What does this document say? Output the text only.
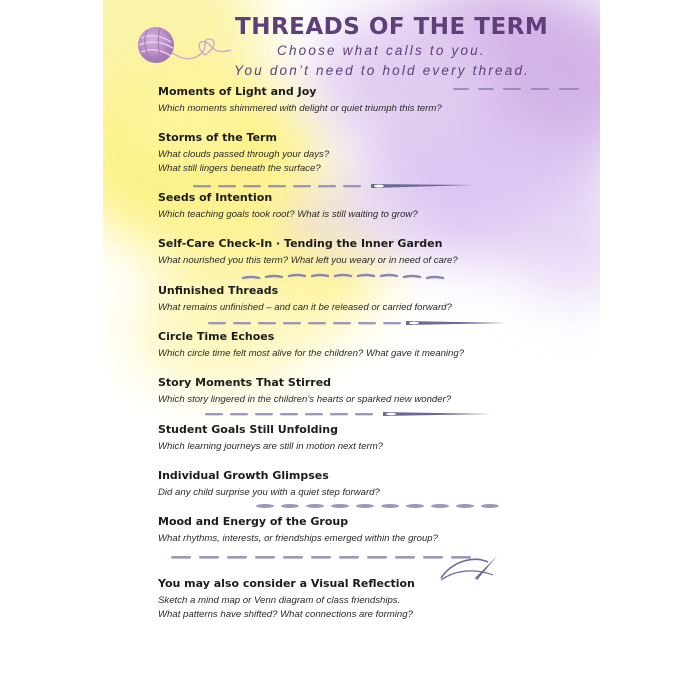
THREADS OF THE TERM
Choose what calls to you.
You don’t need to hold every thread.
Moments of Light and Joy
Which moments shimmered with delight or quiet triumph this term?
Storms of the Term
What clouds passed through your days?
What still lingers beneath the surface?
Seeds of Intention
Which teaching goals took root? What is still waiting to grow?
Self-Care Check-In · Tending the Inner Garden
What nourished you this term? What left you weary or in need of care?
Unfinished Threads
What remains unfinished – and can it be released or carried forward?
Circle Time Echoes
Which circle time felt most alive for the children? What gave it meaning?
Story Moments That Stirred
Which story lingered in the children’s hearts or sparked new wonder?
Student Goals Still Unfolding
Which learning journeys are still in motion next term?
Individual Growth Glimpses
Did any child surprise you with a quiet step forward?
Mood and Energy of the Group
What rhythms, interests, or friendships emerged within the group?
You may also consider a Visual Reflection
Sketch a mind map or Venn diagram of class friendships.
What patterns have shifted? What connections are forming?
